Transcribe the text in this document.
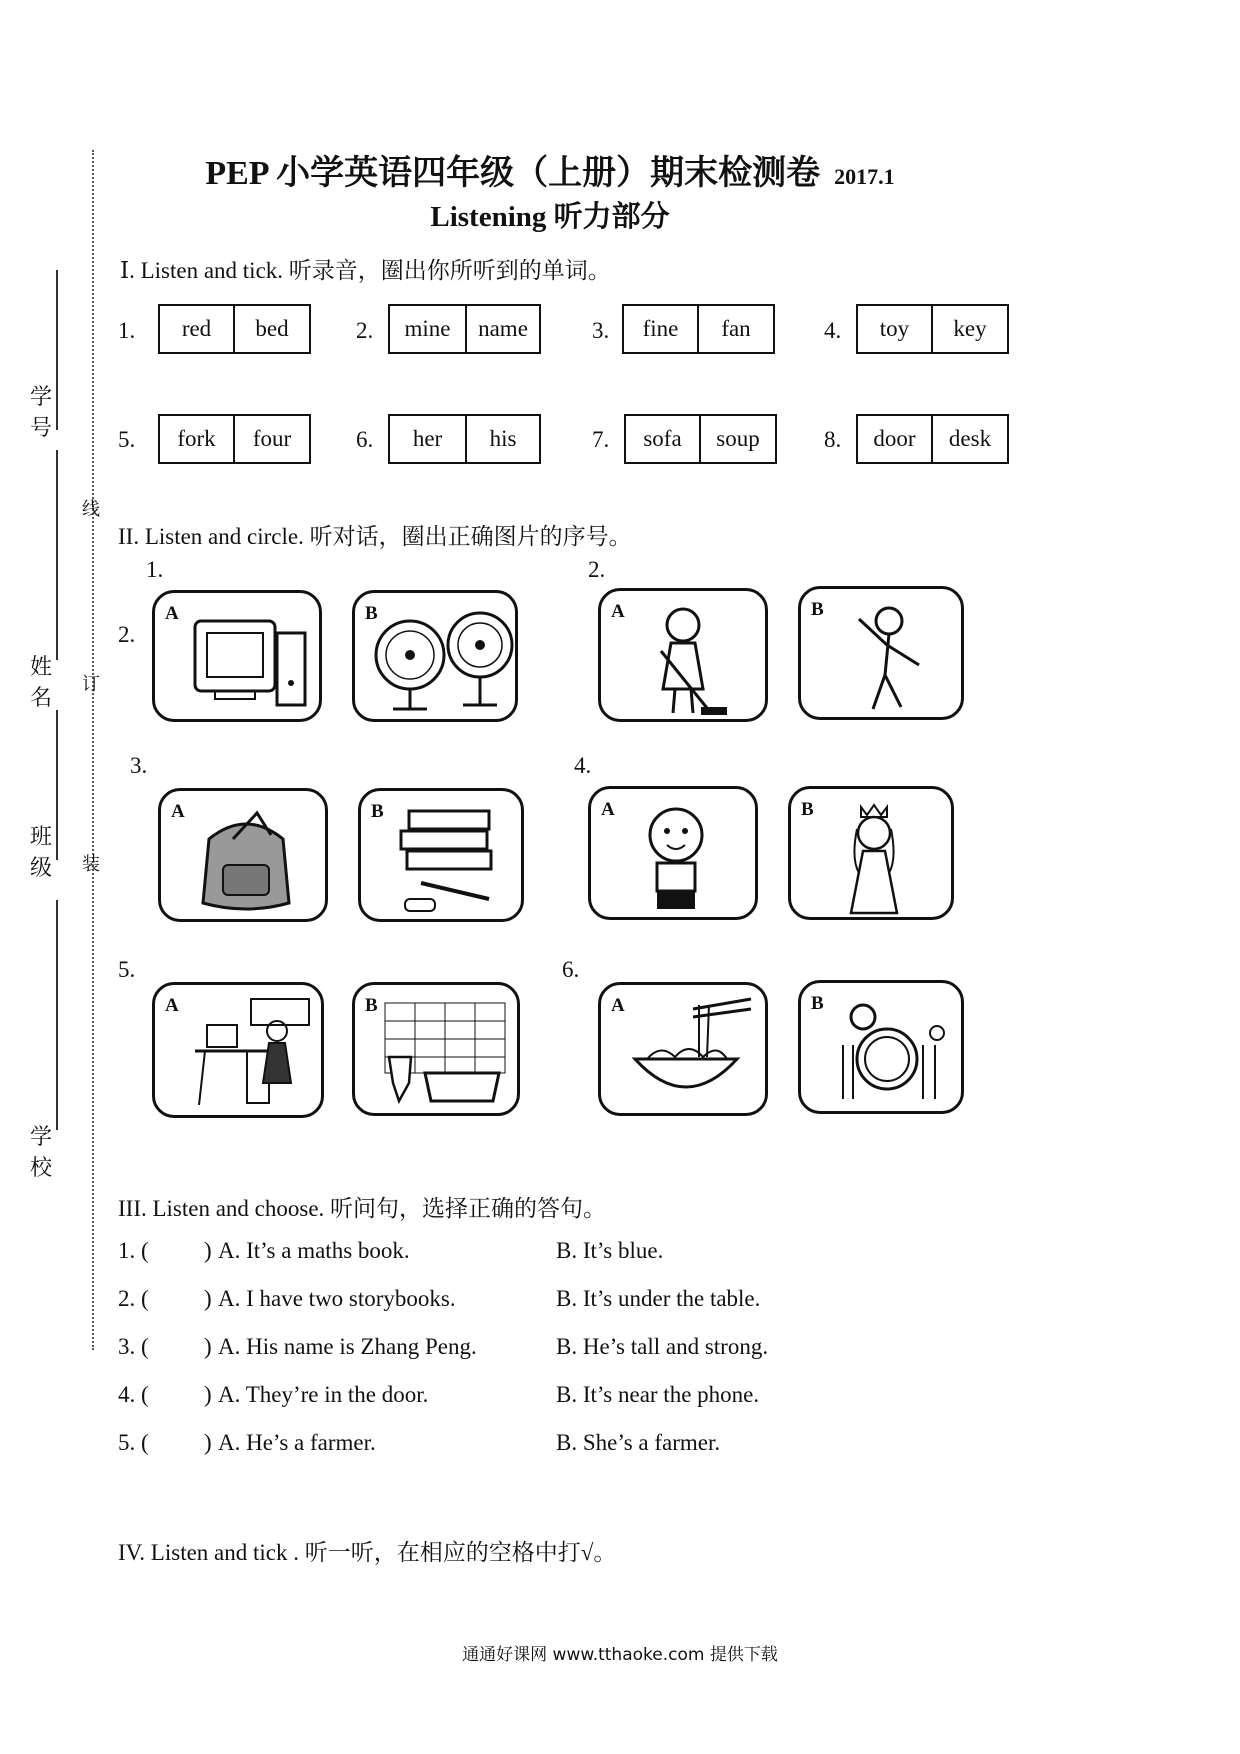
学号
姓名
班级
学校
线
订
装
PEP 小学英语四年级（上册）期末检测卷 2017.1
Listening 听力部分
Ⅰ. Listen and tick. 听录音，圈出你所听到的单词。
1.	red	bed	2.	mine	name	3.	fine	fan	4.	toy	key
5.	fork	four	6.	her	his	7.	sofa	soup	8.	door	desk
II. Listen and circle. 听对话，圈出正确图片的序号。
1.	2.
2.
3.	4.
5.	6.
A	B	A	B
A	B	A	B
A	B	A	B
III. Listen and choose. 听问句，选择正确的答句。
1. ( ) A. It’s a maths book.	B. It’s blue.
2. ( ) A. I have two storybooks.	B. It’s under the table.
3. ( ) A. His name is Zhang Peng.	B. He’s tall and strong.
4. ( ) A. They’re in the door.	B. It’s near the phone.
5. ( ) A. He’s a farmer.	B. She’s a farmer.
IV. Listen and tick . 听一听，在相应的空格中打√。
通通好课网 www.tthaoke.com 提供下载
